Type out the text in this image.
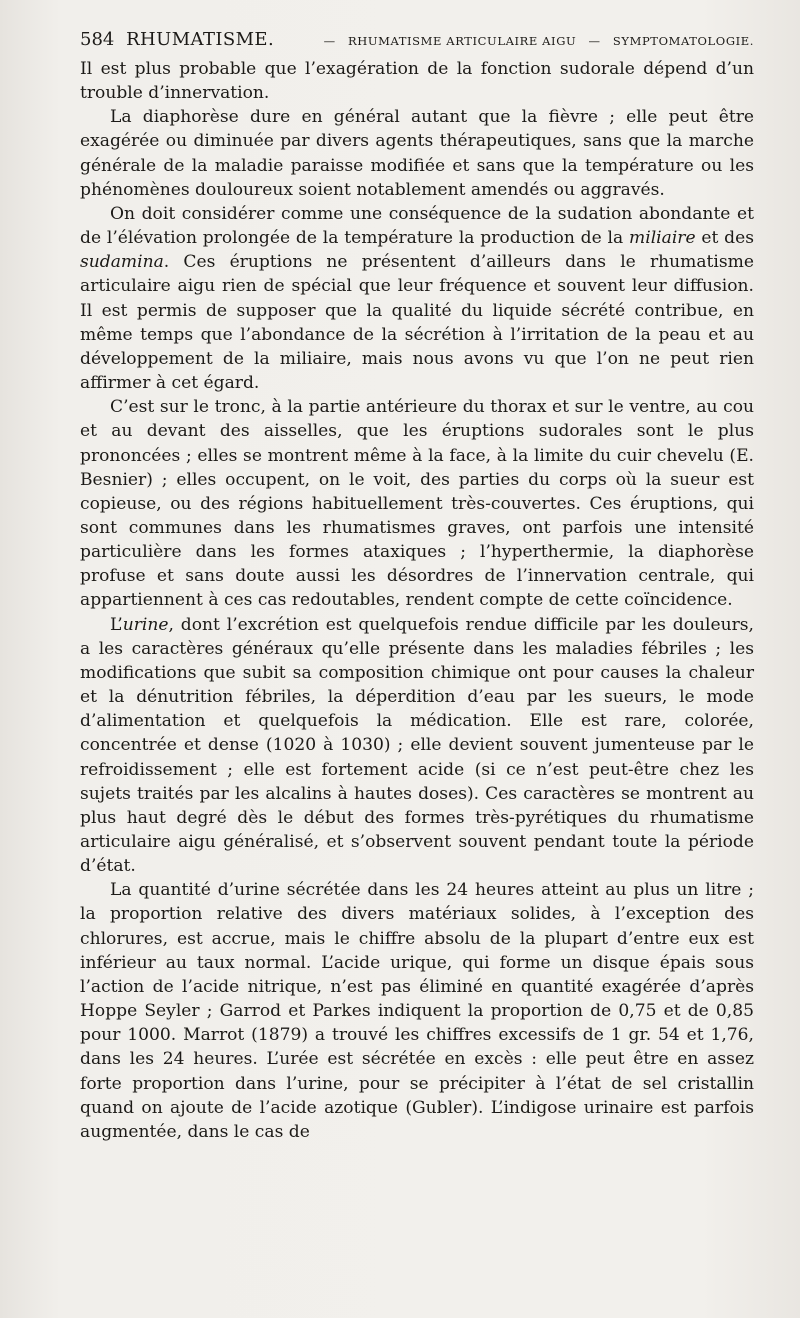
584 RHUMATISME.	— RHUMATISME ARTICULAIRE AIGU — SYMPTOMATOLOGIE.

Il est plus probable que l’exagération de la fonction sudorale dépend d’un trouble d’innervation.

La diaphorèse dure en général autant que la fièvre ; elle peut être exagérée ou diminuée par divers agents thérapeutiques, sans que la marche générale de la maladie paraisse modifiée et sans que la température ou les phénomènes douloureux soient notablement amendés ou aggravés.

On doit considérer comme une conséquence de la sudation abondante et de l’élévation prolongée de la température la production de la miliaire et des sudamina. Ces éruptions ne présentent d’ailleurs dans le rhumatisme articulaire aigu rien de spécial que leur fréquence et souvent leur diffusion. Il est permis de supposer que la qualité du liquide sécrété contribue, en même temps que l’abondance de la sécrétion à l’irritation de la peau et au développement de la miliaire, mais nous avons vu que l’on ne peut rien affirmer à cet égard.

C’est sur le tronc, à la partie antérieure du thorax et sur le ventre, au cou et au devant des aisselles, que les éruptions sudorales sont le plus prononcées ; elles se montrent même à la face, à la limite du cuir chevelu (E. Besnier) ; elles occupent, on le voit, des parties du corps où la sueur est copieuse, ou des régions habituellement très-couvertes. Ces éruptions, qui sont communes dans les rhumatismes graves, ont parfois une intensité particulière dans les formes ataxiques ; l’hyperthermie, la diaphorèse profuse et sans doute aussi les désordres de l’innervation centrale, qui appartiennent à ces cas redoutables, rendent compte de cette coïncidence.

L’urine, dont l’excrétion est quelquefois rendue difficile par les douleurs, a les caractères généraux qu’elle présente dans les maladies fébriles ; les modifications que subit sa composition chimique ont pour causes la chaleur et la dénutrition fébriles, la déperdition d’eau par les sueurs, le mode d’alimentation et quelquefois la médication. Elle est rare, colorée, concentrée et dense (1020 à 1030) ; elle devient souvent jumenteuse par le refroidissement ; elle est fortement acide (si ce n’est peut-être chez les sujets traités par les alcalins à hautes doses). Ces caractères se montrent au plus haut degré dès le début des formes très-pyrétiques du rhumatisme articulaire aigu généralisé, et s’observent souvent pendant toute la période d’état.

La quantité d’urine sécrétée dans les 24 heures atteint au plus un litre ; la proportion relative des divers matériaux solides, à l’exception des chlorures, est accrue, mais le chiffre absolu de la plupart d’entre eux est inférieur au taux normal. L’acide urique, qui forme un disque épais sous l’action de l’acide nitrique, n’est pas éliminé en quantité exagérée d’après Hoppe Seyler ; Garrod et Parkes indiquent la proportion de 0,75 et de 0,85 pour 1000. Marrot (1879) a trouvé les chiffres excessifs de 1 gr. 54 et 1,76, dans les 24 heures. L’urée est sécrétée en excès : elle peut être en assez forte proportion dans l’urine, pour se précipiter à l’état de sel cristallin quand on ajoute de l’acide azotique (Gubler). L’indigose urinaire est parfois augmentée, dans le cas de
